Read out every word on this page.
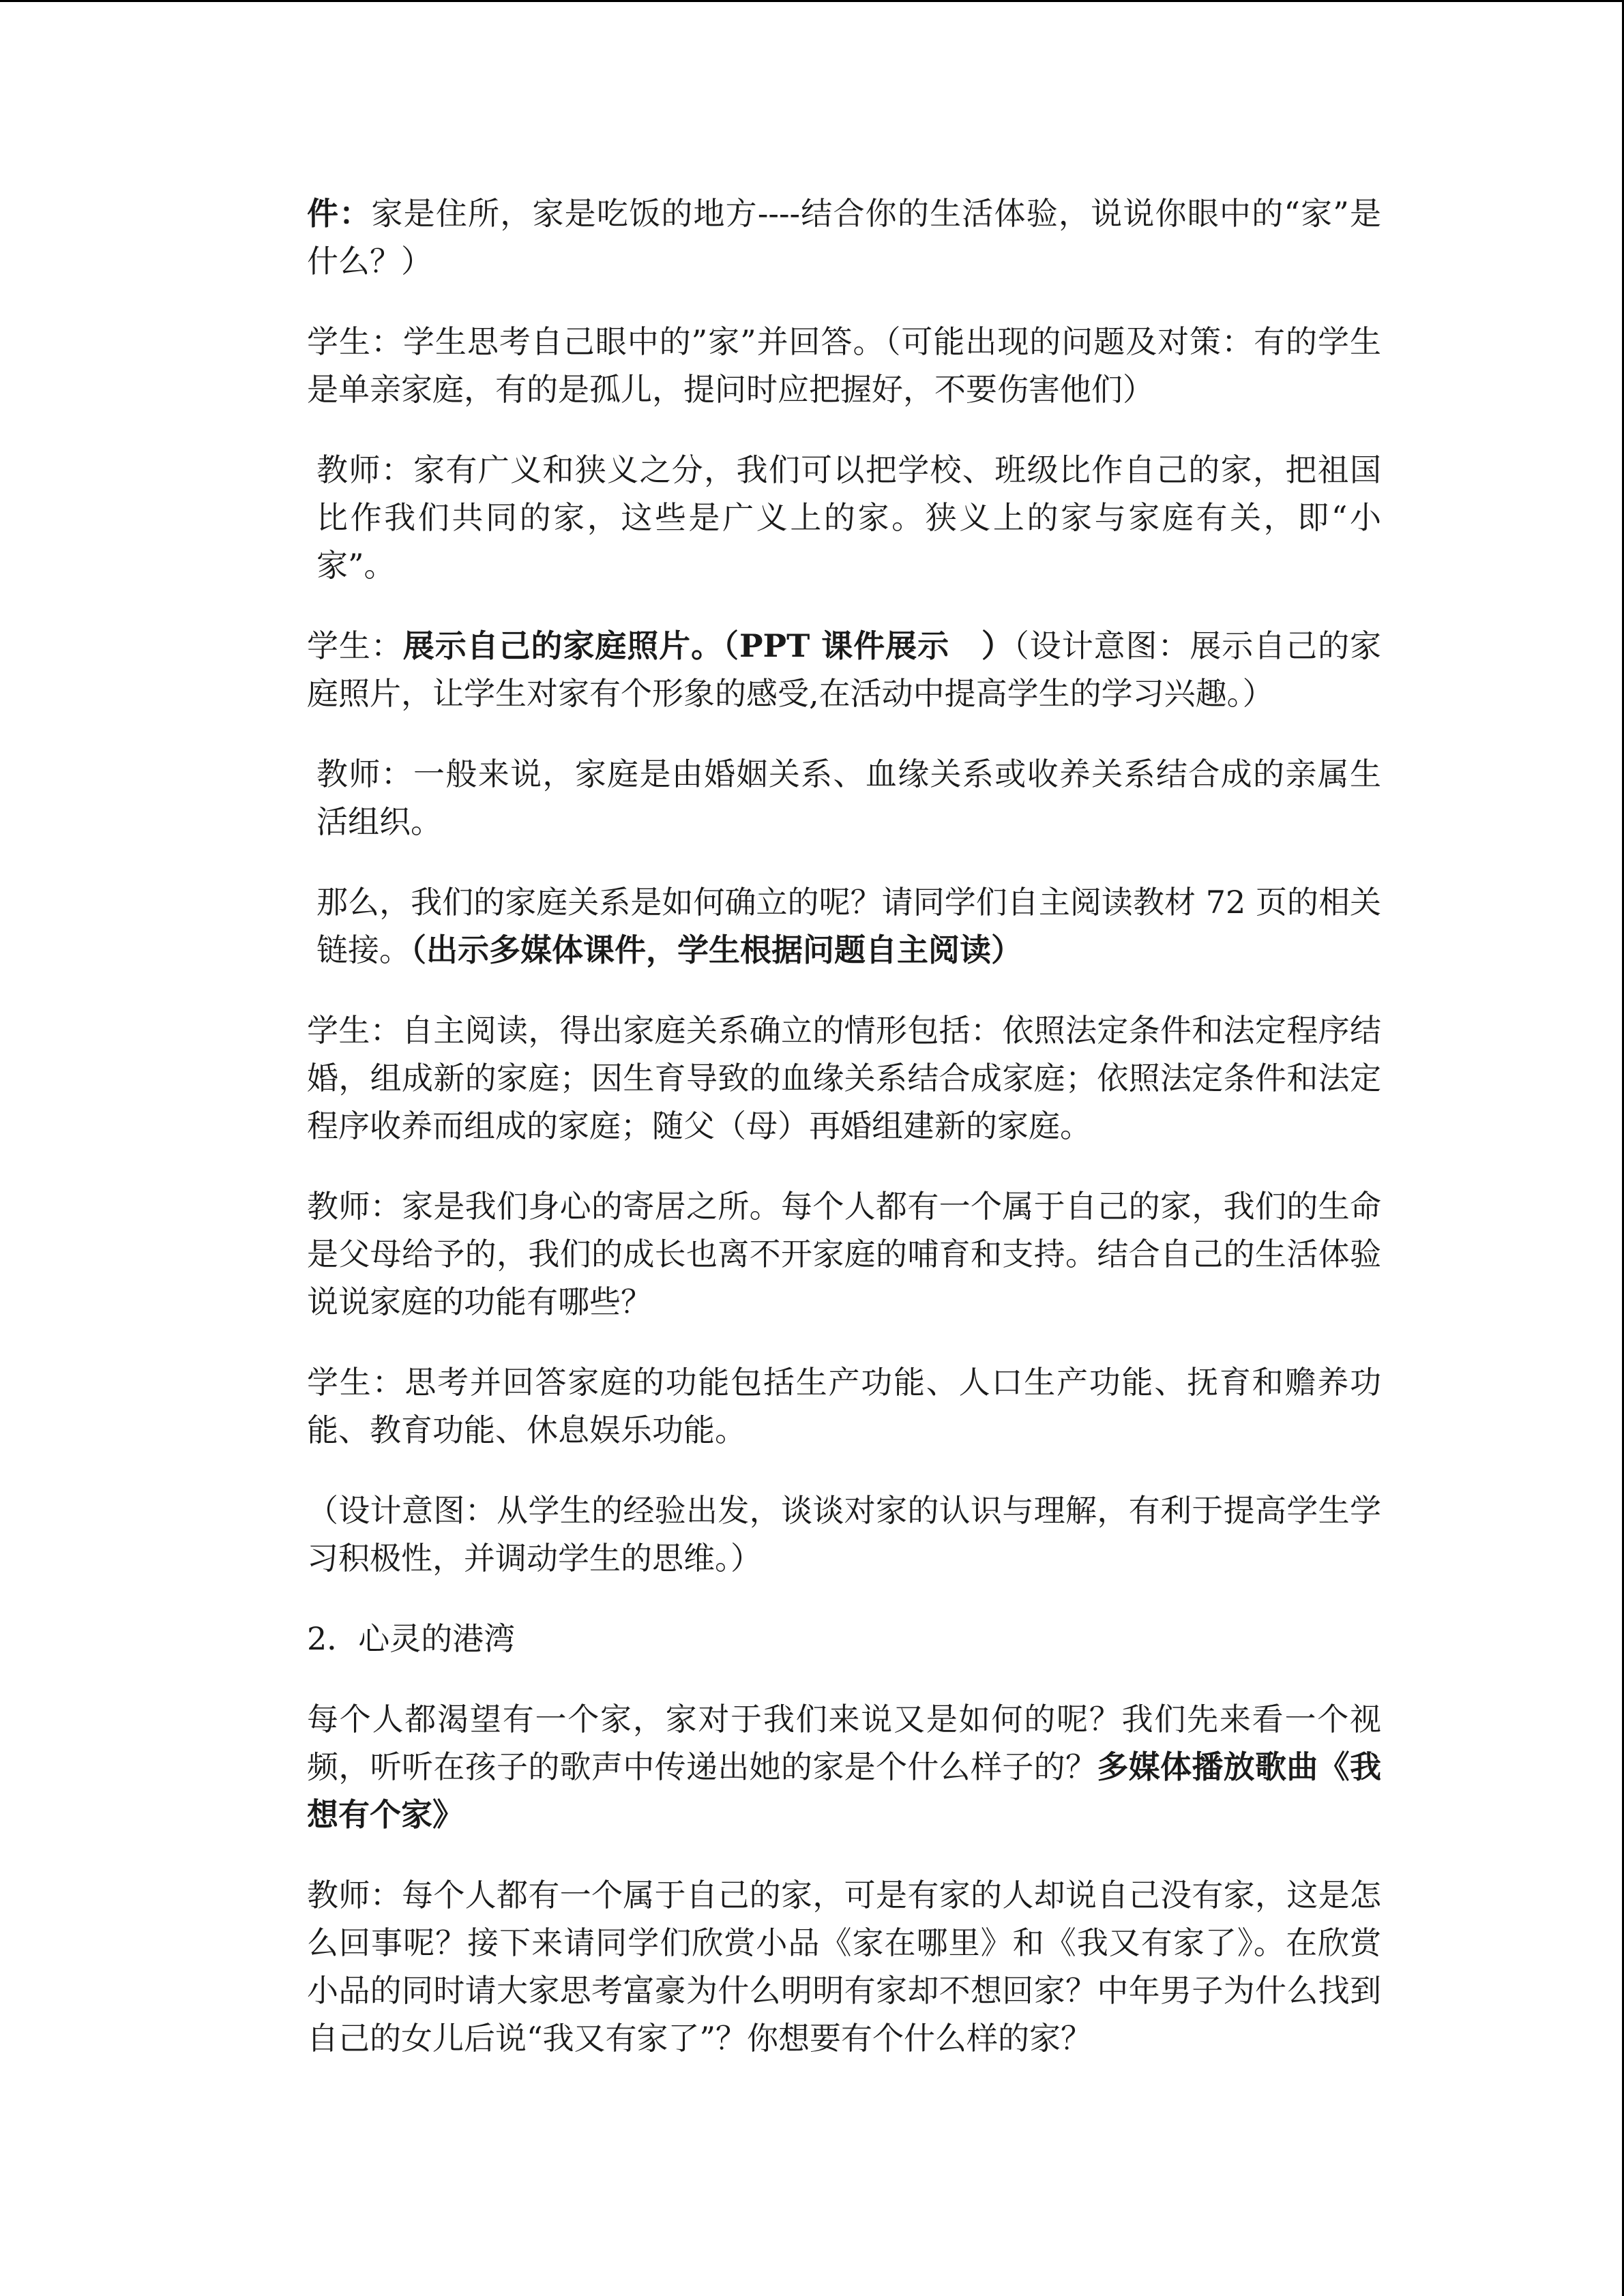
件：家是住所，家是吃饭的地方----结合你的生活体验，说说你眼中的“家”是什么？）

学生：学生思考自己眼中的”家”并回答。（可能出现的问题及对策：有的学生是单亲家庭，有的是孤儿，提问时应把握好，不要伤害他们）

教师：家有广义和狭义之分，我们可以把学校、班级比作自己的家，把祖国比作我们共同的家，这些是广义上的家。狭义上的家与家庭有关，即“小家”。

学生：展示自己的家庭照片。（PPT 课件展示　）（设计意图：展示自己的家庭照片，让学生对家有个形象的感受,在活动中提高学生的学习兴趣。）

教师：一般来说，家庭是由婚姻关系、血缘关系或收养关系结合成的亲属生活组织。

那么，我们的家庭关系是如何确立的呢？请同学们自主阅读教材 72 页的相关链接。（出示多媒体课件，学生根据问题自主阅读）

学生：自主阅读，得出家庭关系确立的情形包括：依照法定条件和法定程序结婚，组成新的家庭；因生育导致的血缘关系结合成家庭；依照法定条件和法定程序收养而组成的家庭；随父（母）再婚组建新的家庭。

教师：家是我们身心的寄居之所。每个人都有一个属于自己的家，我们的生命是父母给予的，我们的成长也离不开家庭的哺育和支持。结合自己的生活体验说说家庭的功能有哪些？

学生：思考并回答家庭的功能包括生产功能、人口生产功能、抚育和赡养功能、教育功能、休息娱乐功能。

（设计意图：从学生的经验出发，谈谈对家的认识与理解，有利于提高学生学习积极性，并调动学生的思维。）

2．心灵的港湾

每个人都渴望有一个家，家对于我们来说又是如何的呢？我们先来看一个视频，听听在孩子的歌声中传递出她的家是个什么样子的？多媒体播放歌曲《我想有个家》

教师：每个人都有一个属于自己的家，可是有家的人却说自己没有家，这是怎么回事呢？接下来请同学们欣赏小品《家在哪里》和《我又有家了》。在欣赏小品的同时请大家思考富豪为什么明明有家却不想回家？中年男子为什么找到自己的女儿后说“我又有家了”？你想要有个什么样的家？
